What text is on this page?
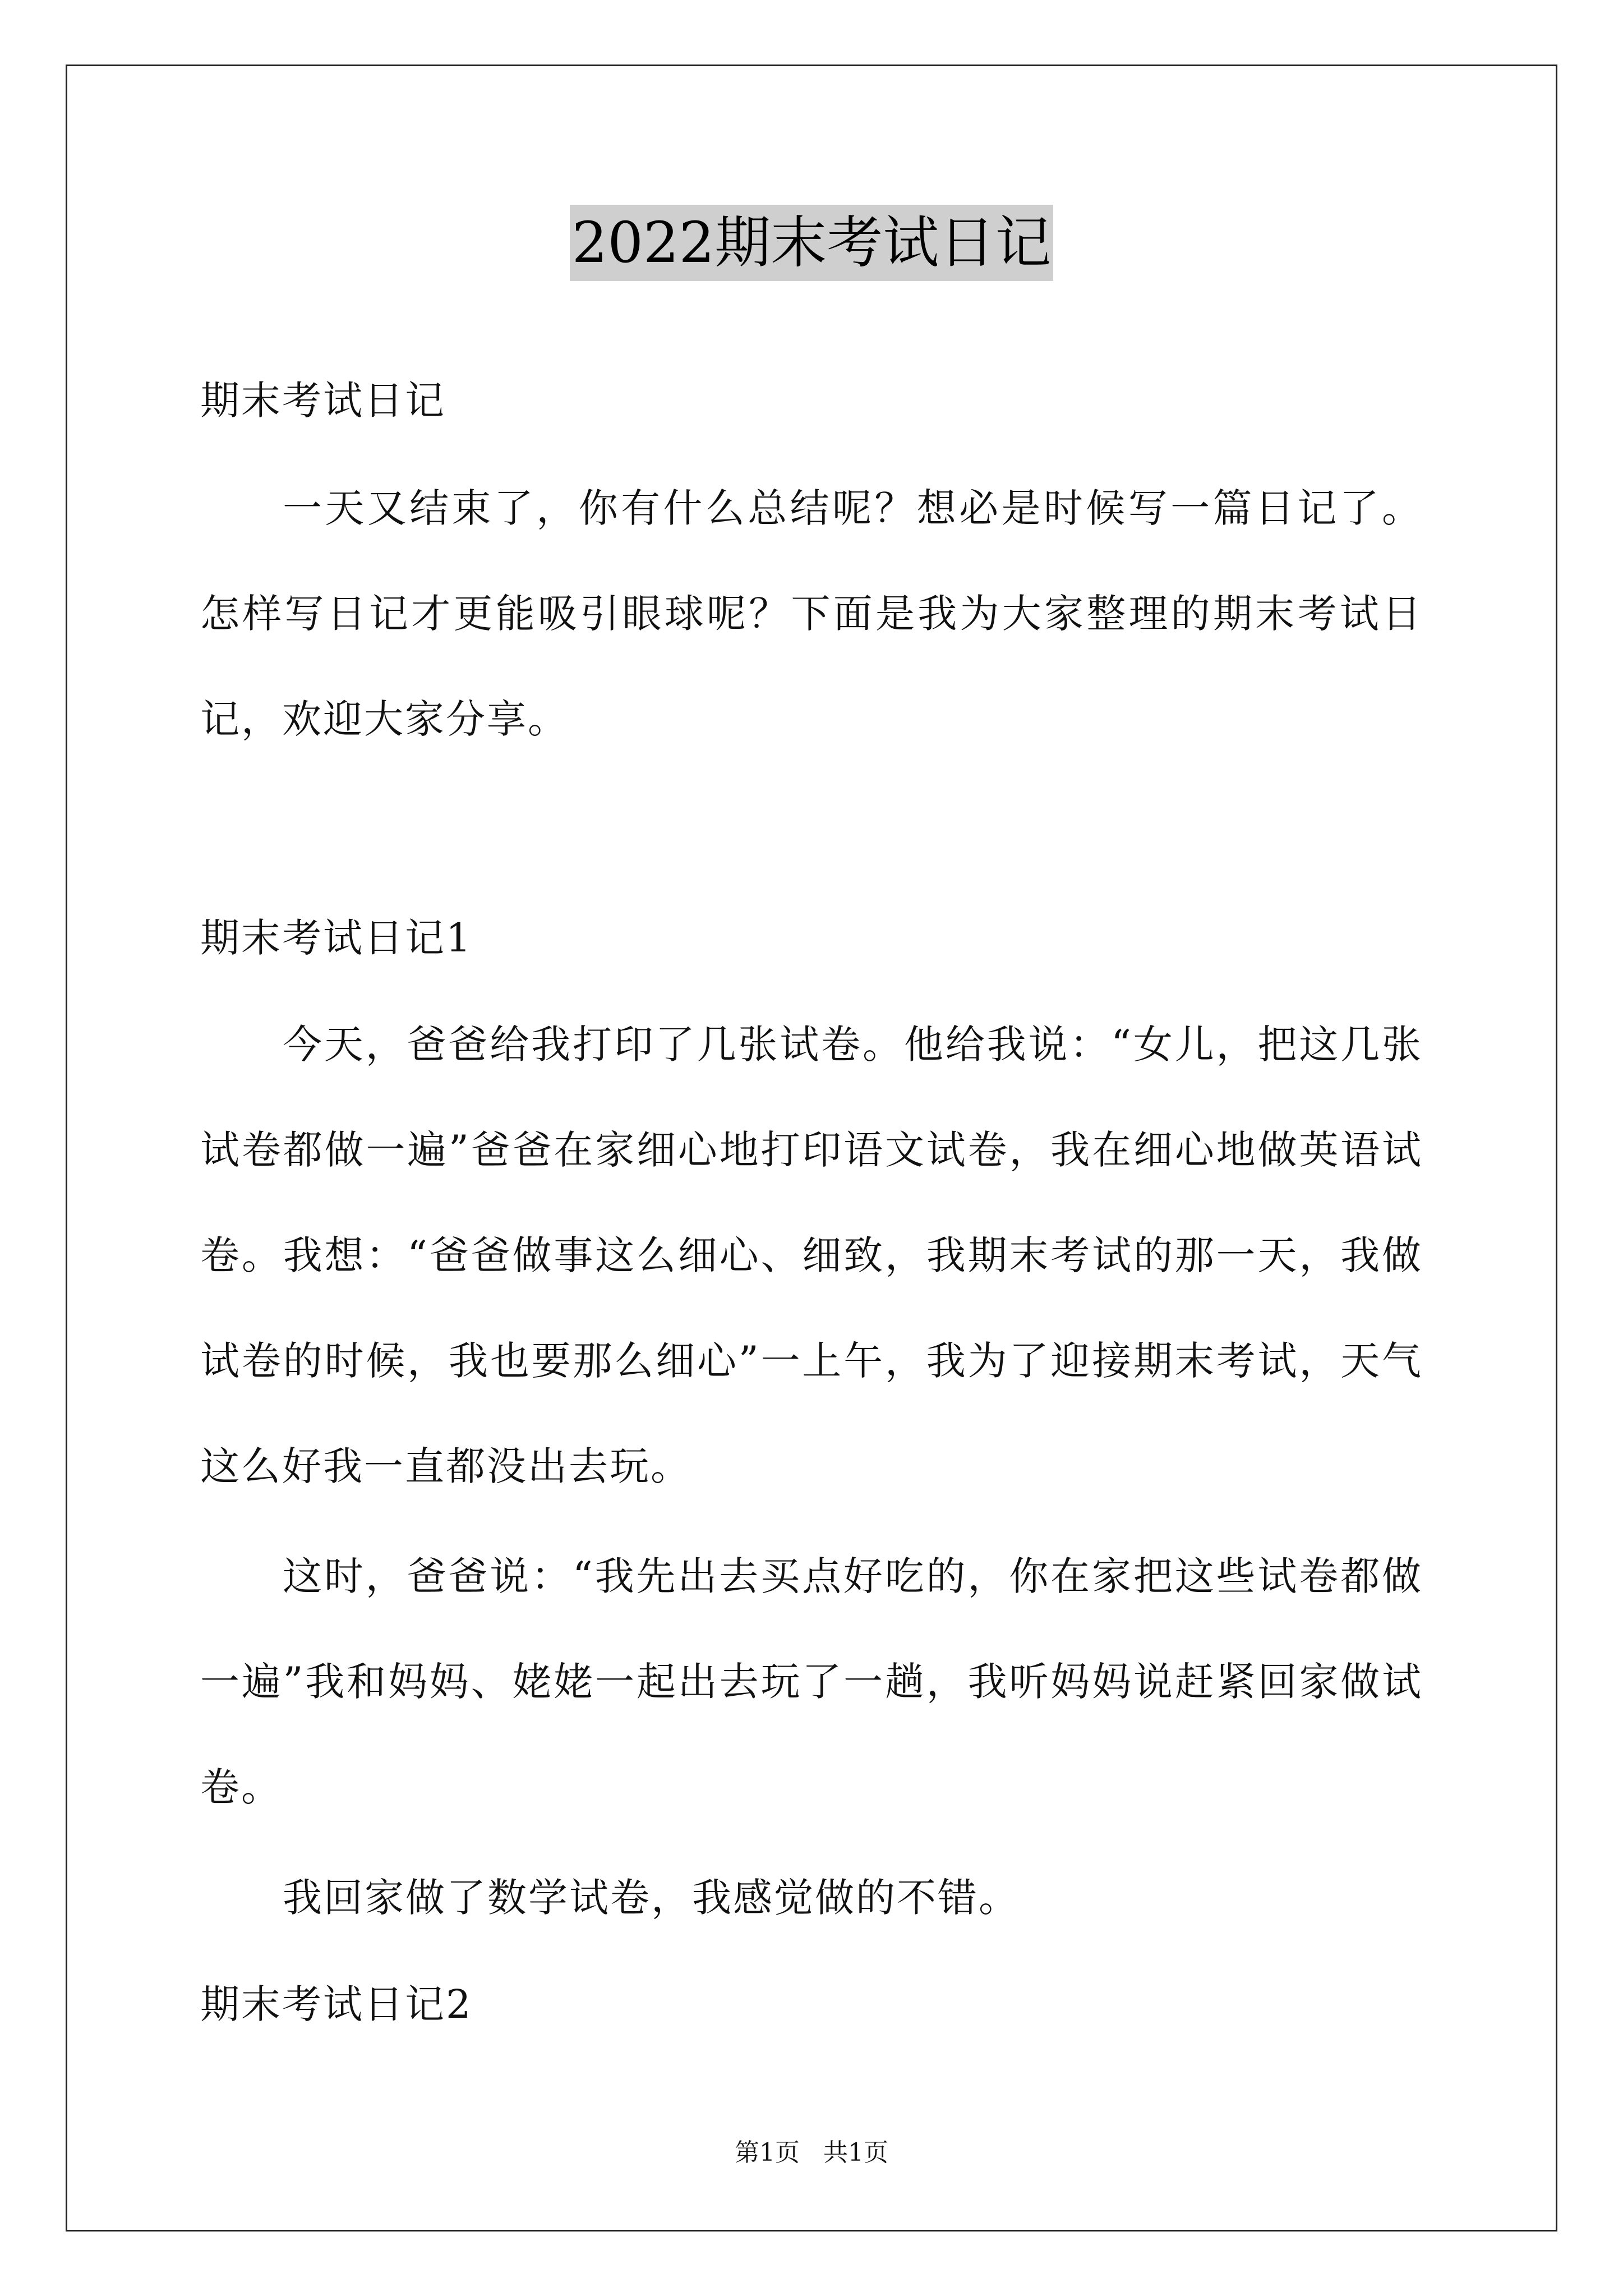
2022期末考试日记

期末考试日记

一天又结束了，你有什么总结呢？想必是时候写一篇日记了。怎样写日记才更能吸引眼球呢？下面是我为大家整理的期末考试日记，欢迎大家分享。

期末考试日记1

今天，爸爸给我打印了几张试卷。他给我说：“女儿，把这几张试卷都做一遍”爸爸在家细心地打印语文试卷，我在细心地做英语试卷。我想：“爸爸做事这么细心、细致，我期末考试的那一天，我做试卷的时候，我也要那么细心”一上午，我为了迎接期末考试，天气这么好我一直都没出去玩。

这时，爸爸说：“我先出去买点好吃的，你在家把这些试卷都做一遍”我和妈妈、姥姥一起出去玩了一趟，我听妈妈说赶紧回家做试卷。

我回家做了数学试卷，我感觉做的不错。

期末考试日记2

第1页   共1页
